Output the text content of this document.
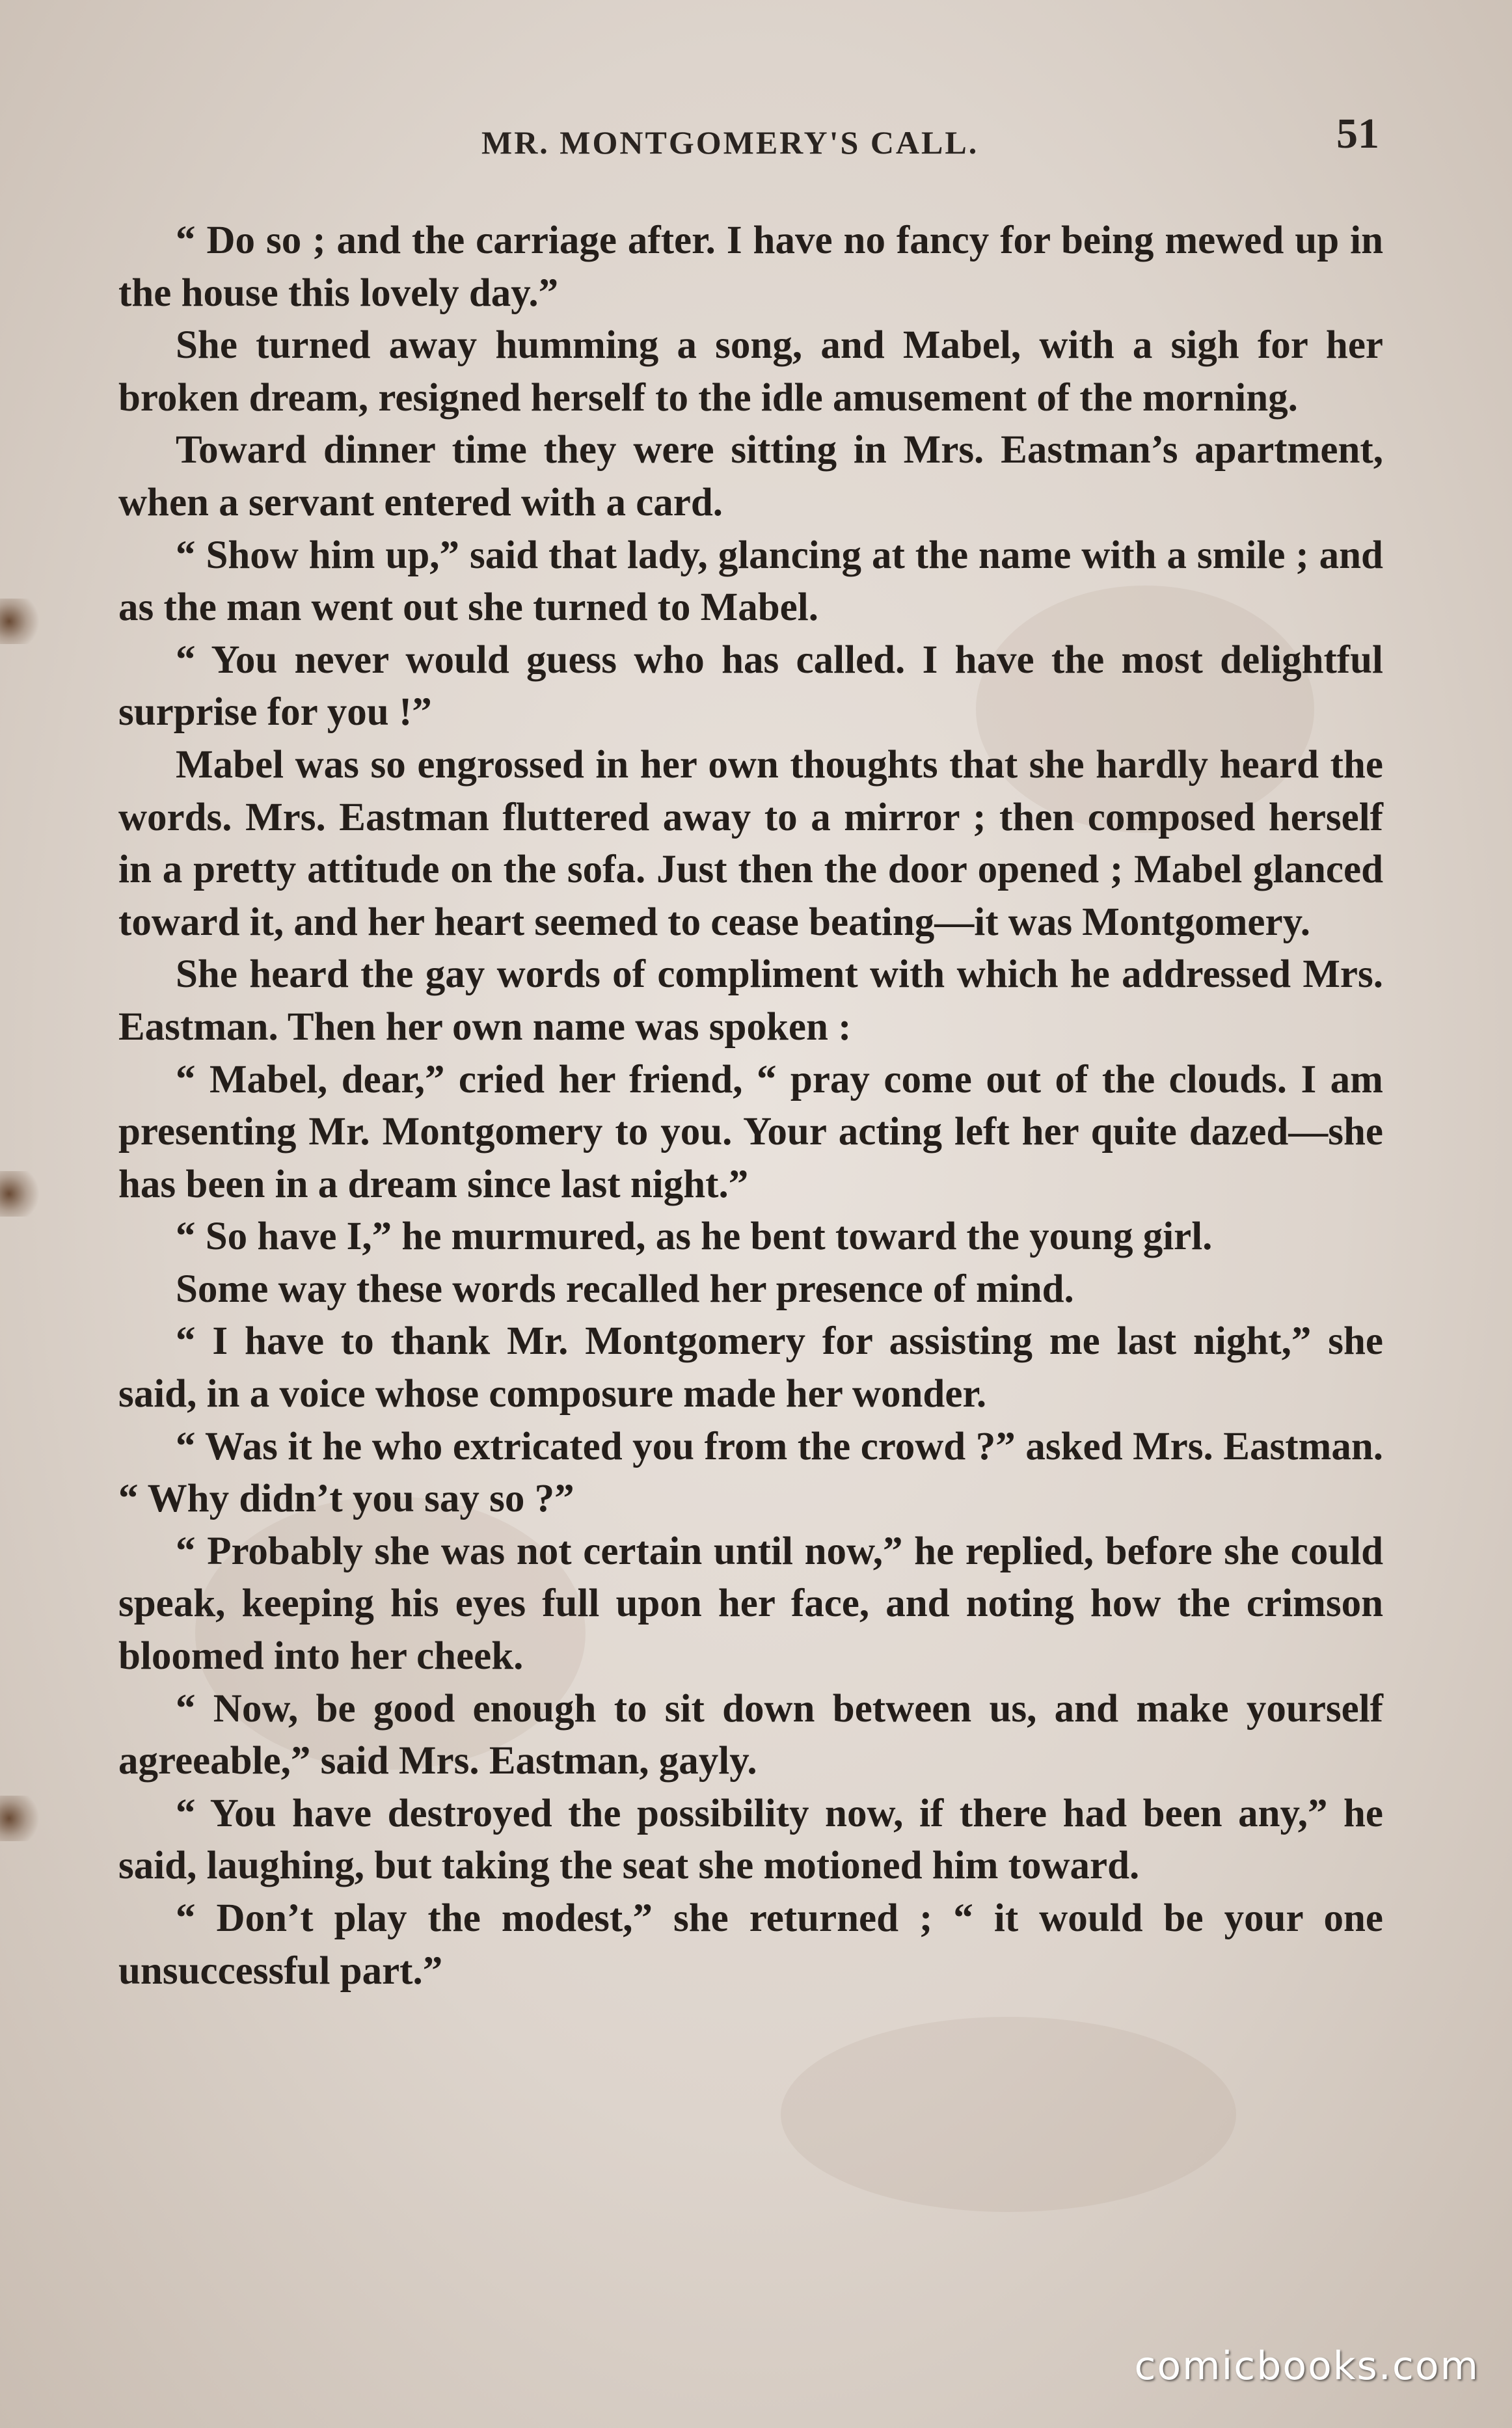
MR. MONTGOMERY'S CALL.	51

“ Do so ; and the carriage after. I have no fancy for being mewed up in the house this lovely day.”

She turned away humming a song, and Mabel, with a sigh for her broken dream, resigned herself to the idle amusement of the morning.

Toward dinner time they were sitting in Mrs. Eastman’s apartment, when a servant entered with a card.

“ Show him up,” said that lady, glancing at the name with a smile ; and as the man went out she turned to Mabel.

“ You never would guess who has called. I have the most delightful surprise for you !”

Mabel was so engrossed in her own thoughts that she hardly heard the words. Mrs. Eastman fluttered away to a mirror ; then composed herself in a pretty attitude on the sofa. Just then the door opened ; Mabel glanced toward it, and her heart seemed to cease beating—it was Montgomery.

She heard the gay words of compliment with which he addressed Mrs. Eastman. Then her own name was spoken :

“ Mabel, dear,” cried her friend, “ pray come out of the clouds. I am presenting Mr. Montgomery to you. Your acting left her quite dazed—she has been in a dream since last night.”

“ So have I,” he murmured, as he bent toward the young girl.

Some way these words recalled her presence of mind.

“ I have to thank Mr. Montgomery for assisting me last night,” she said, in a voice whose composure made her wonder.

“ Was it he who extricated you from the crowd ?” asked Mrs. Eastman. “ Why didn’t you say so ?”

“ Probably she was not certain until now,” he replied, before she could speak, keeping his eyes full upon her face, and noting how the crimson bloomed into her cheek.

“ Now, be good enough to sit down between us, and make yourself agreeable,” said Mrs. Eastman, gayly.

“ You have destroyed the possibility now, if there had been any,” he said, laughing, but taking the seat she motioned him toward.

“ Don’t play the modest,” she returned ; “ it would be your one unsuccessful part.”

comicbooks.com
